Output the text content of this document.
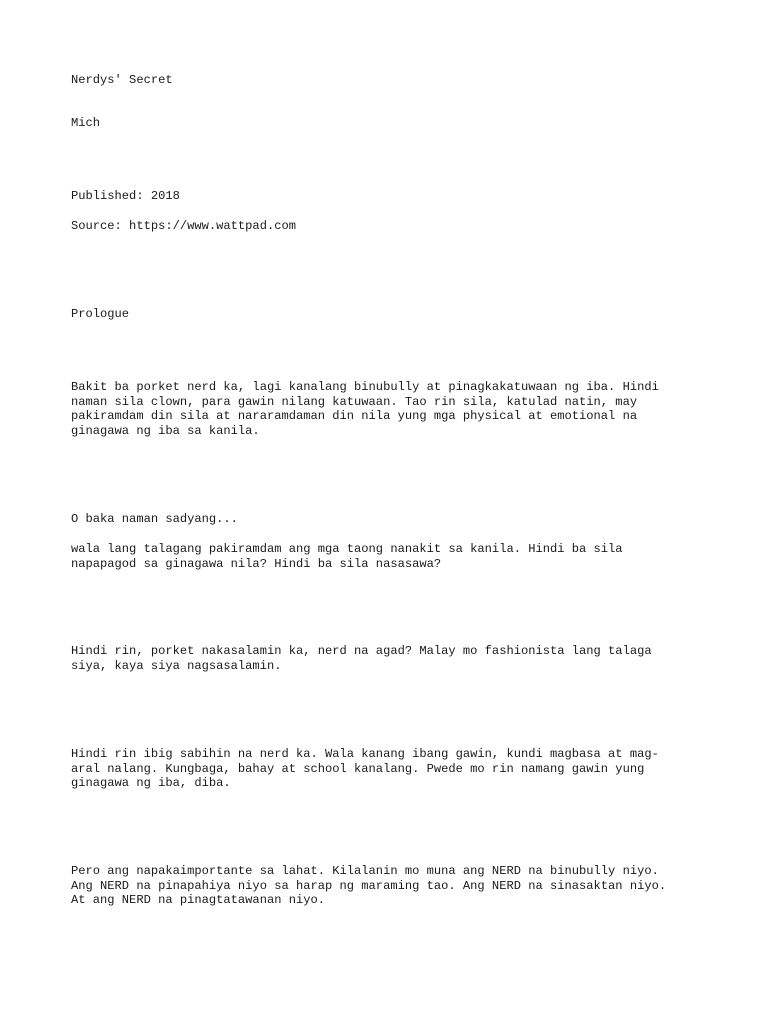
Nerdys' Secret
Mich
Published: 2018
Source: https://www.wattpad.com
Prologue
Bakit ba porket nerd ka, lagi kanalang binubully at pinagkakatuwaan ng iba. Hindi
naman sila clown, para gawin nilang katuwaan. Tao rin sila, katulad natin, may
pakiramdam din sila at nararamdaman din nila yung mga physical at emotional na
ginagawa ng iba sa kanila.
O baka naman sadyang...
wala lang talagang pakiramdam ang mga taong nanakit sa kanila. Hindi ba sila
napapagod sa ginagawa nila? Hindi ba sila nasasawa?
Hindi rin, porket nakasalamin ka, nerd na agad? Malay mo fashionista lang talaga
siya, kaya siya nagsasalamin.
Hindi rin ibig sabihin na nerd ka. Wala kanang ibang gawin, kundi magbasa at mag-
aral nalang. Kungbaga, bahay at school kanalang. Pwede mo rin namang gawin yung
ginagawa ng iba, diba.
Pero ang napakaimportante sa lahat. Kilalanin mo muna ang NERD na binubully niyo.
Ang NERD na pinapahiya niyo sa harap ng maraming tao. Ang NERD na sinasaktan niyo.
At ang NERD na pinagtatawanan niyo.
